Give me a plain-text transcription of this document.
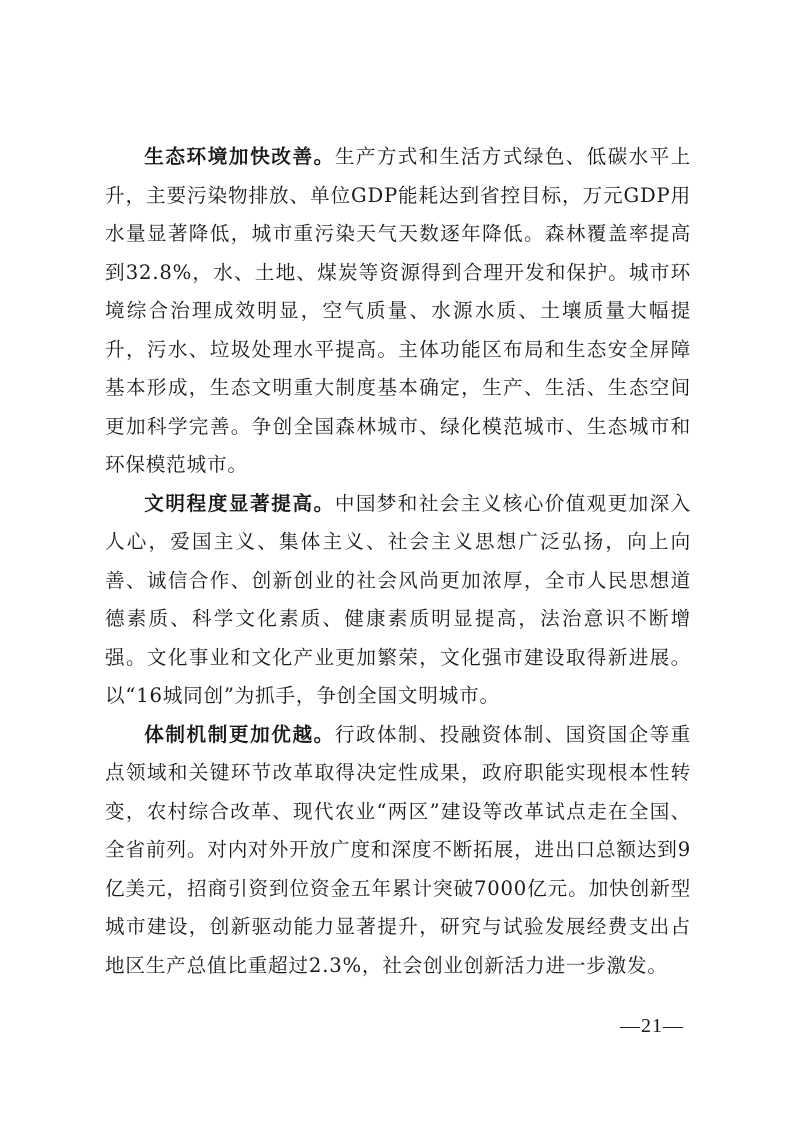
生态环境加快改善。生产方式和生活方式绿色、低碳水平上升，主要污染物排放、单位GDP能耗达到省控目标，万元GDP用水量显著降低，城市重污染天气天数逐年降低。森林覆盖率提高到32.8%，水、土地、煤炭等资源得到合理开发和保护。城市环境综合治理成效明显，空气质量、水源水质、土壤质量大幅提升，污水、垃圾处理水平提高。主体功能区布局和生态安全屏障基本形成，生态文明重大制度基本确定，生产、生活、生态空间更加科学完善。争创全国森林城市、绿化模范城市、生态城市和环保模范城市。

文明程度显著提高。中国梦和社会主义核心价值观更加深入人心，爱国主义、集体主义、社会主义思想广泛弘扬，向上向善、诚信合作、创新创业的社会风尚更加浓厚，全市人民思想道德素质、科学文化素质、健康素质明显提高，法治意识不断增强。文化事业和文化产业更加繁荣，文化强市建设取得新进展。以“16城同创”为抓手，争创全国文明城市。

体制机制更加优越。行政体制、投融资体制、国资国企等重点领域和关键环节改革取得决定性成果，政府职能实现根本性转变，农村综合改革、现代农业“两区”建设等改革试点走在全国、全省前列。对内对外开放广度和深度不断拓展，进出口总额达到9亿美元，招商引资到位资金五年累计突破7000亿元。加快创新型城市建设，创新驱动能力显著提升，研究与试验发展经费支出占地区生产总值比重超过2.3%，社会创业创新活力进一步激发。

—21—
